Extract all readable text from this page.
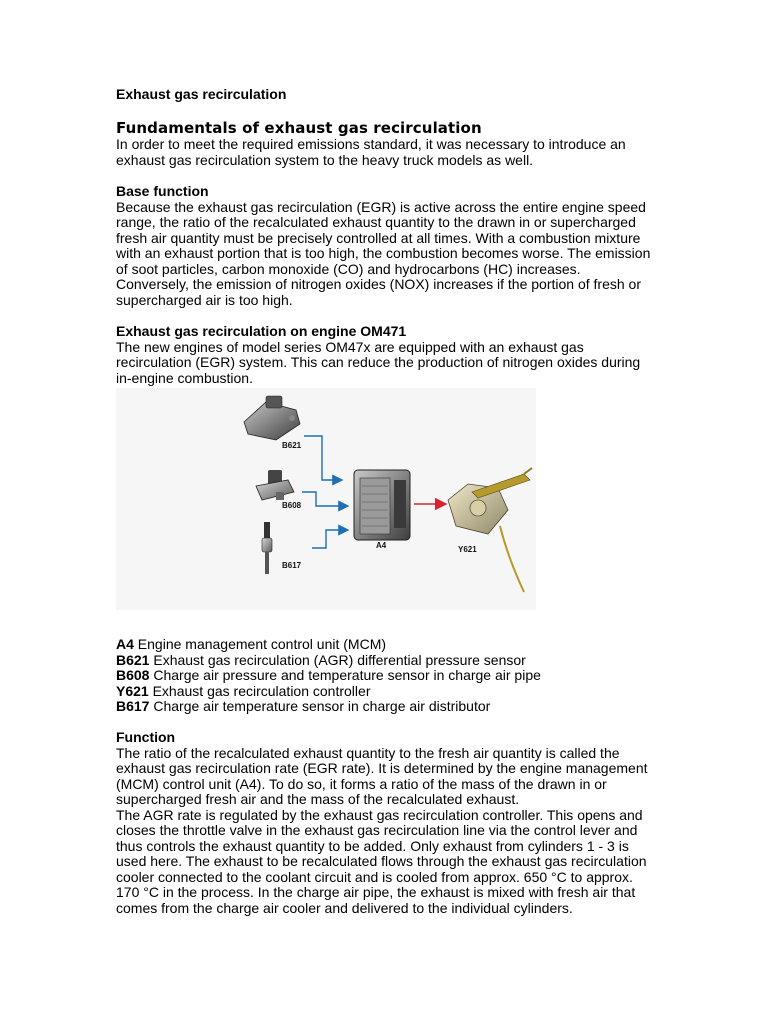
Exhaust gas recirculation
Fundamentals of exhaust gas recirculation

In order to meet the required emissions standard, it was necessary to introduce an exhaust gas recirculation system to the heavy truck models as well.

Base function

Because the exhaust gas recirculation (EGR) is active across the entire engine speed range, the ratio of the recalculated exhaust quantity to the drawn in or supercharged fresh air quantity must be precisely controlled at all times. With a combustion mixture with an exhaust portion that is too high, the combustion becomes worse. The emission of soot particles, carbon monoxide (CO) and hydrocarbons (HC) increases. Conversely, the emission of nitrogen oxides (NOX) increases if the portion of fresh or supercharged air is too high.

Exhaust gas recirculation on engine OM471

The new engines of model series OM47x are equipped with an exhaust gas recirculation (EGR) system. This can reduce the production of nitrogen oxides during in-engine combustion.

B621
B608
B617
A4	Y621
A4 Engine management control unit (MCM)
B621 Exhaust gas recirculation (AGR) differential pressure sensor
B608 Charge air pressure and temperature sensor in charge air pipe
Y621 Exhaust gas recirculation controller
B617 Charge air temperature sensor in charge air distributor
Function

The ratio of the recalculated exhaust quantity to the fresh air quantity is called the exhaust gas recirculation rate (EGR rate). It is determined by the engine management (MCM) control unit (A4). To do so, it forms a ratio of the mass of the drawn in or supercharged fresh air and the mass of the recalculated exhaust.

The AGR rate is regulated by the exhaust gas recirculation controller. This opens and closes the throttle valve in the exhaust gas recirculation line via the control lever and thus controls the exhaust quantity to be added. Only exhaust from cylinders 1 - 3 is used here. The exhaust to be recalculated flows through the exhaust gas recirculation cooler connected to the coolant circuit and is cooled from approx. 650 °C to approx. 170 °C in the process. In the charge air pipe, the exhaust is mixed with fresh air that comes from the charge air cooler and delivered to the individual cylinders.
